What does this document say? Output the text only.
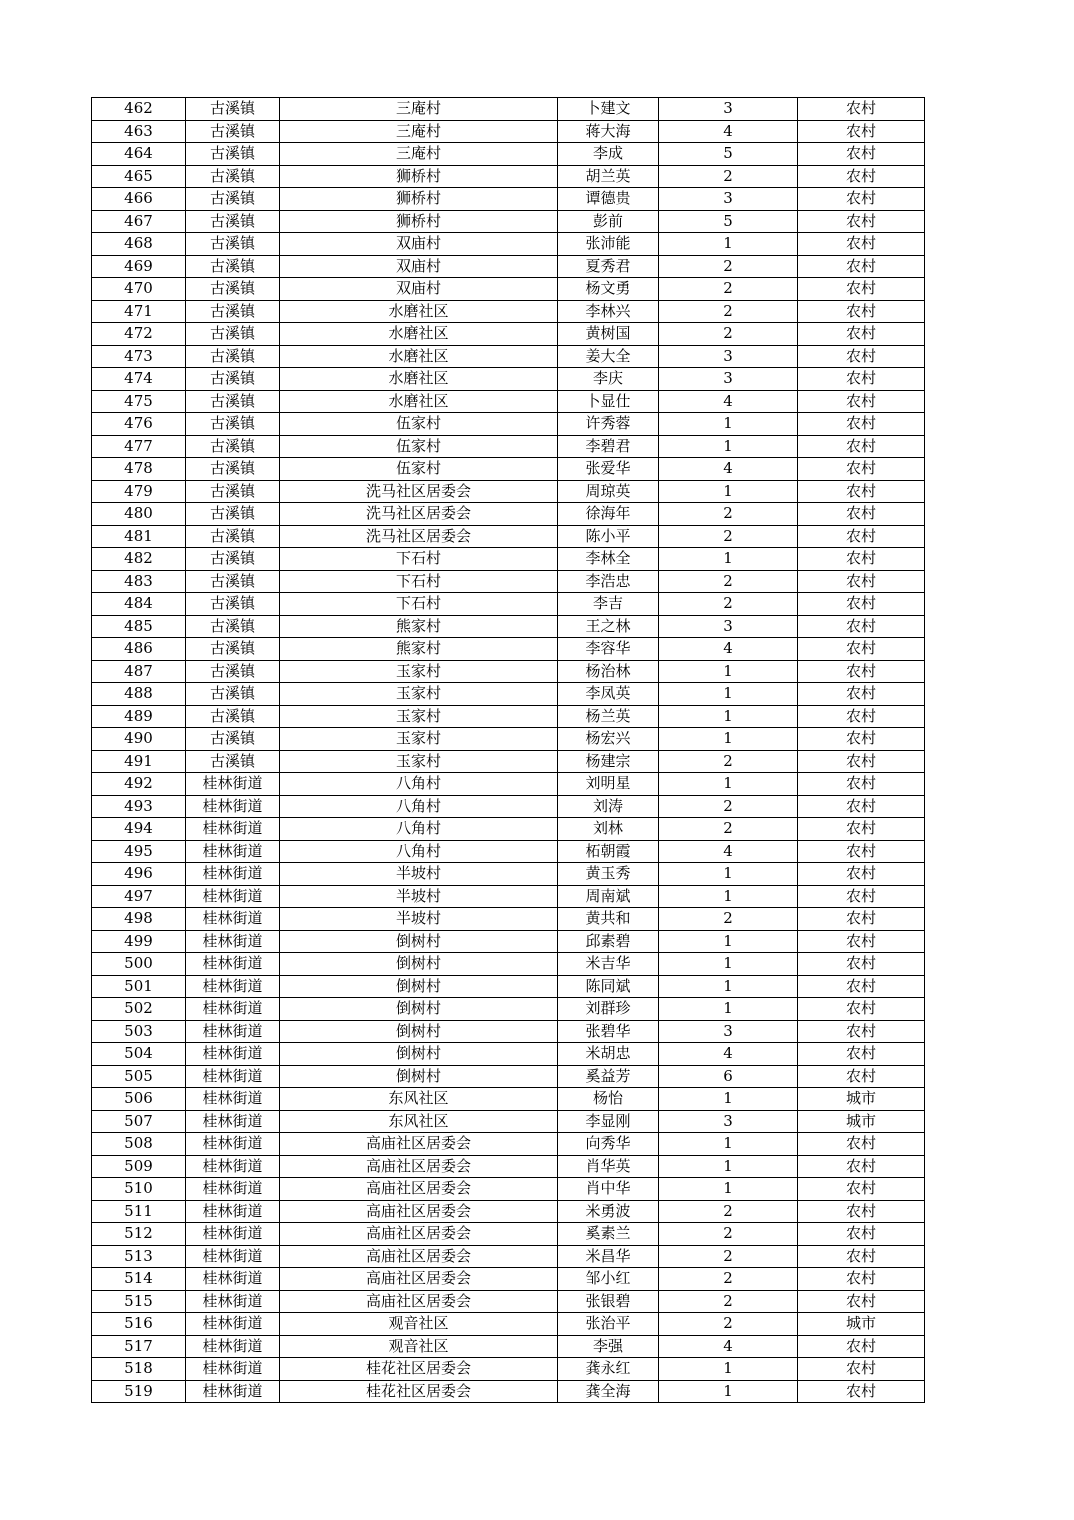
462	古溪镇	三庵村	卜建文	3	农村
463	古溪镇	三庵村	蒋大海	4	农村
464	古溪镇	三庵村	李成	5	农村
465	古溪镇	狮桥村	胡兰英	2	农村
466	古溪镇	狮桥村	谭德贵	3	农村
467	古溪镇	狮桥村	彭前	5	农村
468	古溪镇	双庙村	张沛能	1	农村
469	古溪镇	双庙村	夏秀君	2	农村
470	古溪镇	双庙村	杨文勇	2	农村
471	古溪镇	水磨社区	李林兴	2	农村
472	古溪镇	水磨社区	黄树国	2	农村
473	古溪镇	水磨社区	姜大全	3	农村
474	古溪镇	水磨社区	李庆	3	农村
475	古溪镇	水磨社区	卜显仕	4	农村
476	古溪镇	伍家村	许秀蓉	1	农村
477	古溪镇	伍家村	李碧君	1	农村
478	古溪镇	伍家村	张爱华	4	农村
479	古溪镇	洗马社区居委会	周琼英	1	农村
480	古溪镇	洗马社区居委会	徐海年	2	农村
481	古溪镇	洗马社区居委会	陈小平	2	农村
482	古溪镇	下石村	李林全	1	农村
483	古溪镇	下石村	李浩忠	2	农村
484	古溪镇	下石村	李吉	2	农村
485	古溪镇	熊家村	王之林	3	农村
486	古溪镇	熊家村	李容华	4	农村
487	古溪镇	玉家村	杨治林	1	农村
488	古溪镇	玉家村	李凤英	1	农村
489	古溪镇	玉家村	杨兰英	1	农村
490	古溪镇	玉家村	杨宏兴	1	农村
491	古溪镇	玉家村	杨建宗	2	农村
492	桂林街道	八角村	刘明星	1	农村
493	桂林街道	八角村	刘涛	2	农村
494	桂林街道	八角村	刘林	2	农村
495	桂林街道	八角村	柘朝霞	4	农村
496	桂林街道	半坡村	黄玉秀	1	农村
497	桂林街道	半坡村	周南斌	1	农村
498	桂林街道	半坡村	黄共和	2	农村
499	桂林街道	倒树村	邱素碧	1	农村
500	桂林街道	倒树村	米吉华	1	农村
501	桂林街道	倒树村	陈同斌	1	农村
502	桂林街道	倒树村	刘群珍	1	农村
503	桂林街道	倒树村	张碧华	3	农村
504	桂林街道	倒树村	米胡忠	4	农村
505	桂林街道	倒树村	奚益芳	6	农村
506	桂林街道	东风社区	杨怡	1	城市
507	桂林街道	东风社区	李显刚	3	城市
508	桂林街道	高庙社区居委会	向秀华	1	农村
509	桂林街道	高庙社区居委会	肖华英	1	农村
510	桂林街道	高庙社区居委会	肖中华	1	农村
511	桂林街道	高庙社区居委会	米勇波	2	农村
512	桂林街道	高庙社区居委会	奚素兰	2	农村
513	桂林街道	高庙社区居委会	米昌华	2	农村
514	桂林街道	高庙社区居委会	邹小红	2	农村
515	桂林街道	高庙社区居委会	张银碧	2	农村
516	桂林街道	观音社区	张治平	2	城市
517	桂林街道	观音社区	李强	4	农村
518	桂林街道	桂花社区居委会	龚永红	1	农村
519	桂林街道	桂花社区居委会	龚全海	1	农村
